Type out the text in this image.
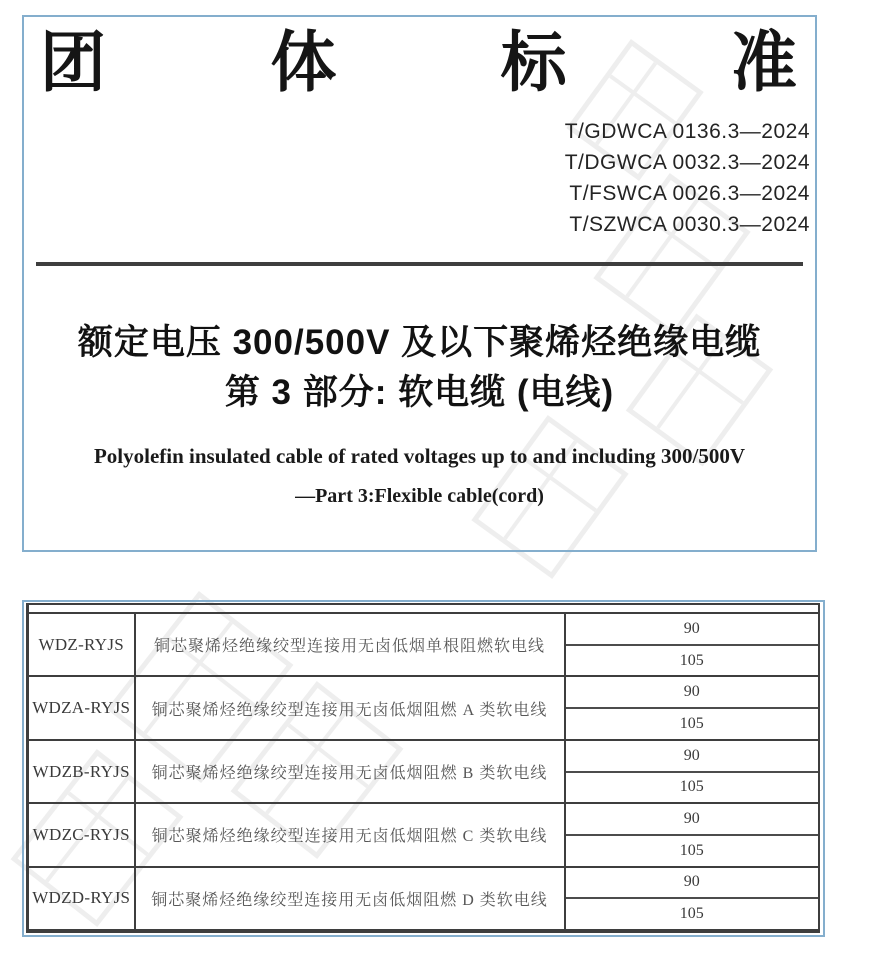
团 体 标 准
T/GDWCA 0136.3—2024
T/DGWCA 0032.3—2024
T/FSWCA 0026.3—2024
T/SZWCA 0030.3—2024
额定电压 300/500V 及以下聚烯烃绝缘电缆
第 3 部分: 软电缆 (电线)
Polyolefin insulated cable of rated voltages up to and including 300/500V
—Part 3:Flexible cable(cord)
WDZ-RYJS 铜芯聚烯烃绝缘绞型连接用无卤低烟单根阻燃软电线
90
105
WDZA-RYJS 铜芯聚烯烃绝缘绞型连接用无卤低烟阻燃 A 类软电线
90
105
WDZB-RYJS 铜芯聚烯烃绝缘绞型连接用无卤低烟阻燃 B 类软电线
90
105
WDZC-RYJS 铜芯聚烯烃绝缘绞型连接用无卤低烟阻燃 C 类软电线
90
105
WDZD-RYJS 铜芯聚烯烃绝缘绞型连接用无卤低烟阻燃 D 类软电线
90
105
